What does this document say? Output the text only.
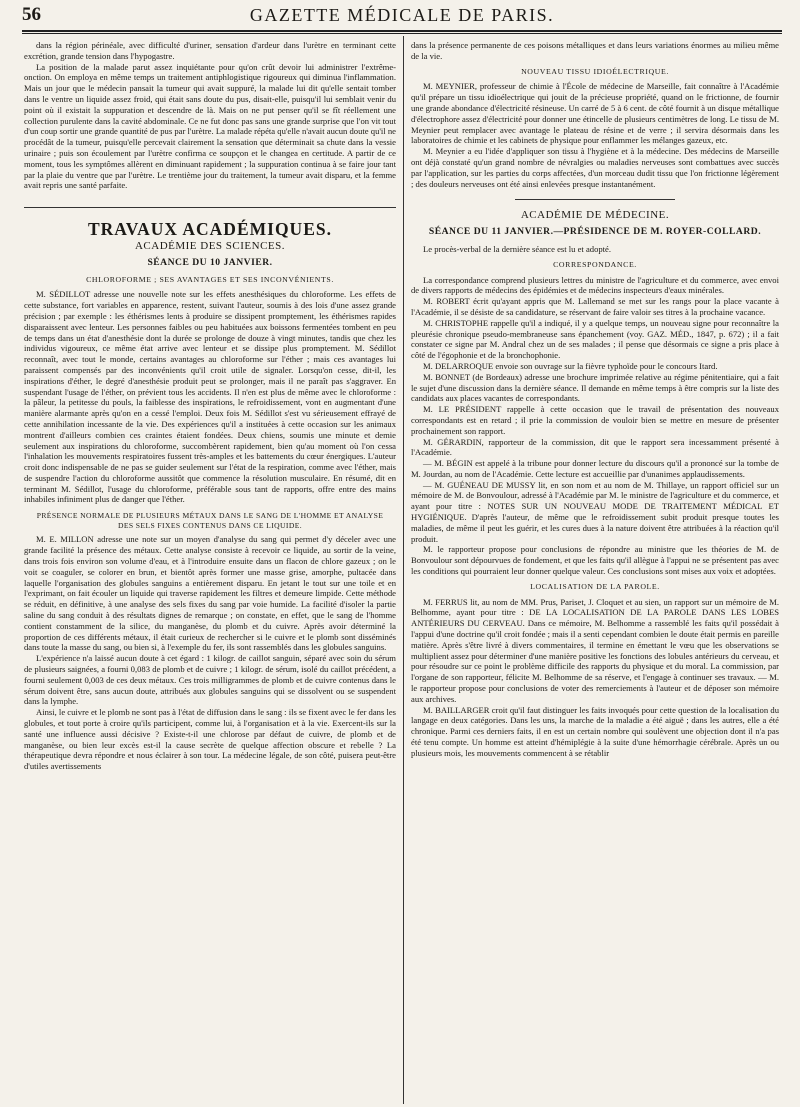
56	GAZETTE MÉDICALE DE PARIS.

dans la région périnéale, avec difficulté d'uriner, sensation d'ardeur dans l'urètre en terminant cette excrétion, grande tension dans l'hypogastre.

La position de la malade parut assez inquiétante pour qu'on crût devoir lui administrer l'extrême-onction. On employa en même temps un traitement antiphlogistique rigoureux qui diminua l'inflammation. Mais un jour que le médecin pansait la tumeur qui avait suppuré, la malade lui dit qu'elle sentait tomber dans le ventre un liquide assez froid, qui était sans doute du pus, disait-elle, puisqu'il lui semblait venir du point où il existait la suppuration et descendre de là. Mais on ne put penser qu'il se fît réellement une collection purulente dans la cavité abdominale. Ce ne fut donc pas sans une grande surprise que l'on vit tout d'un coup sortir une grande quantité de pus par l'urètre. La malade répéta qu'elle n'avait aucun doute qu'il ne procédât de la tumeur, puisqu'elle percevait clairement la sensation que déterminait sa chute dans la vessie urinaire ; puis son écoulement par l'urètre confirma ce soupçon et le changea en certitude. A partir de ce moment, tous les symptômes allèrent en diminuant rapidement ; la suppuration continua à se faire jour tant par la plaie du ventre que par l'urètre. Le trentième jour du traitement, la tumeur avait disparu, et la femme avait repris une santé parfaite.

TRAVAUX ACADÉMIQUES.
ACADÉMIE DES SCIENCES.
SÉANCE DU 10 JANVIER.
CHLOROFORME ; SES AVANTAGES ET SES INCONVÉNIENTS.

M. SÉDILLOT adresse une nouvelle note sur les effets anesthésiques du chloroforme. Les effets de cette substance, fort variables en apparence, restent, suivant l'auteur, soumis à des lois d'une assez grande précision ; par exemple : les éthérismes lents à produire se dissipent promptement, les éthérismes rapides disparaissent avec lenteur. Les personnes faibles ou peu habituées aux boissons fermentées tombent en peu de temps dans un état d'anesthésie dont la durée se prolonge de douze à vingt minutes, tandis que chez les individus vigoureux, ce même état arrive avec lenteur et se dissipe plus promptement. M. Sédillot reconnaît, avec tout le monde, certains avantages au chloroforme sur l'éther ; mais ces avantages lui paraissent compensés par des inconvénients qu'il croit utile de signaler. Lorsqu'on cesse, dit-il, les inspirations d'éther, le degré d'anesthésie produit peut se prolonger, mais il ne paraît pas s'aggraver. En suspendant l'usage de l'éther, on prévient tous les accidents. Il n'en est plus de même avec le chloroforme : la pâleur, la petitesse du pouls, la faiblesse des inspirations, le refroidissement, vont en augmentant d'une manière alarmante après qu'on en a cessé l'emploi. Deux fois M. Sédillot s'est vu sérieusement effrayé de cette annihilation incessante de la vie. Des expériences qu'il a instituées à cette occasion sur les animaux montrent d'ailleurs combien ces craintes étaient fondées. Deux chiens, soumis une minute et demie seulement aux inspirations du chloroforme, succombèrent rapidement, bien qu'au moment où l'on cessa l'inhalation les mouvements respiratoires fussent très-amples et les battements du cœur énergiques. L'auteur croit donc indispensable de ne pas se guider seulement sur l'état de la respiration, comme avec l'éther, mais de suspendre l'action du chloroforme aussitôt que commence la résolution musculaire. En résumé, dit en terminant M. Sédillot, l'usage du chloroforme, préférable sous tant de rapports, offre entre des mains inhabiles infiniment plus de danger que l'éther.

PRÉSENCE NORMALE DE PLUSIEURS MÉTAUX DANS LE SANG DE L'HOMME ET ANALYSE
DES SELS FIXES CONTENUS DANS CE LIQUIDE.

M. E. MILLON adresse une note sur un moyen d'analyse du sang qui permet d'y déceler avec une grande facilité la présence des métaux. Cette analyse consiste à recevoir ce liquide, au sortir de la veine, dans trois fois environ son volume d'eau, et à l'introduire ensuite dans un flacon de chlore gazeux ; on le voit se coaguler, se colorer en brun, et bientôt après former une masse grise, amorphe, pultacée dans laquelle l'organisation des globules sanguins a entièrement disparu. En jetant le tout sur une toile et en l'exprimant, on fait écouler un liquide qui traverse rapidement les filtres et demeure limpide. Cette méthode se réduit, en définitive, à une analyse des sels fixes du sang par voie humide. La facilité d'isoler la partie saline du sang conduit à des résultats dignes de remarque ; on constate, en effet, que le sang de l'homme contient constamment de la silice, du manganèse, du plomb et du cuivre. Après avoir déterminé la proportion de ces différents métaux, il était curieux de rechercher si le cuivre et le plomb sont disséminés dans toute la masse du sang, ou bien si, à l'exemple du fer, ils sont rassemblés dans les globules sanguins.

L'expérience n'a laissé aucun doute à cet égard : 1 kilogr. de caillot sanguin, séparé avec soin du sérum de plusieurs saignées, a fourni 0,083 de plomb et de cuivre ; 1 kilogr. de sérum, isolé du caillot précédent, a fourni seulement 0,003 de ces deux métaux. Ces trois milligrammes de plomb et de cuivre contenus dans le sérum doivent être, sans aucun doute, attribués aux globules sanguins qui se dissolvent ou se suspendent dans la lymphe.

Ainsi, le cuivre et le plomb ne sont pas à l'état de diffusion dans le sang : ils se fixent avec le fer dans les globules, et tout porte à croire qu'ils participent, comme lui, à l'organisation et à la vie. Exercent-ils sur la santé une influence aussi décisive ? Existe-t-il une chlorose par défaut de cuivre, de plomb et de manganèse, ou bien leur excès est-il la cause secrète de quelque affection obscure et rebelle ? La thérapeutique devra répondre et nous éclairer à son tour. La médecine légale, de son côté, puisera peut-être d'utiles avertissements

dans la présence permanente de ces poisons métalliques et dans leurs variations énormes au milieu même de la vie.

NOUVEAU TISSU IDIOÉLECTRIQUE.

M. MEYNIER, professeur de chimie à l'École de médecine de Marseille, fait connaître à l'Académie qu'il prépare un tissu idioélectrique qui jouit de la précieuse propriété, quand on le frictionne, de fournir une grande abondance d'électricité résineuse. Un carré de 5 à 6 cent. de côté fournit à un disque métallique d'électrophore assez d'électricité pour donner une étincelle de plusieurs centimètres de long. Le tissu de M. Meynier peut remplacer avec avantage le plateau de résine et de verre ; il servira désormais dans les laboratoires de chimie et les cabinets de physique pour enflammer les mélanges gazeux, etc.

M. Meynier a eu l'idée d'appliquer son tissu à l'hygiène et à la médecine. Des médecins de Marseille ont déjà constaté qu'un grand nombre de névralgies ou maladies nerveuses sont combattues avec succès par l'application, sur les parties du corps affectées, d'un morceau dudit tissu que l'on frictionne légèrement ; des douleurs nerveuses ont été ainsi enlevées presque instantanément.

ACADÉMIE DE MÉDECINE.
SÉANCE DU 11 JANVIER.—PRÉSIDENCE DE M. ROYER-COLLARD.

Le procès-verbal de la dernière séance est lu et adopté.

CORRESPONDANCE.

La correspondance comprend plusieurs lettres du ministre de l'agriculture et du commerce, avec envoi de divers rapports de médecins des épidémies et de médecins inspecteurs d'eaux minérales.

M. ROBERT écrit qu'ayant appris que M. Lallemand se met sur les rangs pour la place vacante à l'Académie, il se désiste de sa candidature, se réservant de faire valoir ses titres à la prochaine vacance.

M. CHRISTOPHE rappelle qu'il a indiqué, il y a quelque temps, un nouveau signe pour reconnaître la pleurésie chronique pseudo-membraneuse sans épanchement (voy. GAZ. MÉD., 1847, p. 672) ; il a fait constater ce signe par M. Andral chez un de ses malades ; il pense que désormais ce signe a pris place à côté de l'égophonie et de la bronchophonie.

M. DELARROQUE envoie son ouvrage sur la fièvre typhoïde pour le concours Itard.

M. BONNET (de Bordeaux) adresse une brochure imprimée relative au régime pénitentiaire, qui a fait le sujet d'une discussion dans la dernière séance. Il demande en même temps à être compris sur la liste des candidats aux places vacantes de correspondants.

M. LE PRÉSIDENT rappelle à cette occasion que le travail de présentation des nouveaux correspondants est en retard ; il prie la commission de vouloir bien se mettre en mesure de présenter prochainement son rapport.

M. GÉRARDIN, rapporteur de la commission, dit que le rapport sera incessamment présenté à l'Académie.

— M. BÉGIN est appelé à la tribune pour donner lecture du discours qu'il a prononcé sur la tombe de M. Jourdan, au nom de l'Académie. Cette lecture est accueillie par d'unanimes applaudissements.

— M. GUÉNEAU DE MUSSY lit, en son nom et au nom de M. Thillaye, un rapport officiel sur un mémoire de M. de Bonvoulour, adressé à l'Académie par M. le ministre de l'agriculture et du commerce, et ayant pour titre : NOTES SUR UN NOUVEAU MODE DE TRAITEMENT MÉDICAL ET HYGIÉNIQUE. D'après l'auteur, de même que le refroidissement subit produit presque toutes les maladies, de même il peut les guérir, et les cures dues à la nature doivent être attribuées à la réaction qu'il produit.

M. le rapporteur propose pour conclusions de répondre au ministre que les théories de M. de Bonvoulour sont dépourvues de fondement, et que les faits qu'il allègue à l'appui ne se présentent pas avec les conditions qui pourraient leur donner quelque valeur. Ces conclusions sont mises aux voix et adoptées.

LOCALISATION DE LA PAROLE.

M. FERRUS lit, au nom de MM. Prus, Pariset, J. Cloquet et au sien, un rapport sur un mémoire de M. Belhomme, ayant pour titre : DE LA LOCALISATION DE LA PAROLE DANS LES LOBES ANTÉRIEURS DU CERVEAU. Dans ce mémoire, M. Belhomme a rassemblé les faits qu'il possédait à l'appui d'une doctrine qu'il croit fondée ; mais il a senti cependant combien le doute était permis en pareille matière. Après s'être livré à divers commentaires, il termine en émettant le vœu que les observations se multiplient assez pour déterminer d'une manière positive les fonctions des lobules antérieurs du cerveau, et pour résoudre sur ce point le problème difficile des rapports du physique et du moral. La commission, par l'organe de son rapporteur, félicite M. Belhomme de sa réserve, et l'engage à continuer ses travaux. — M. le rapporteur propose pour conclusions de voter des remerciements à l'auteur et de déposer son mémoire aux archives.

M. BAILLARGER croit qu'il faut distinguer les faits invoqués pour cette question de la localisation du langage en deux catégories. Dans les uns, la marche de la maladie a été aiguë ; dans les autres, elle a été chronique. Parmi ces derniers faits, il en est un certain nombre qui soulèvent une objection dont il n'a pas été tenu compte. Un homme est atteint d'hémiplégie à la suite d'une hémorrhagie cérébrale. Après un ou plusieurs mois, les mouvements commencent à se rétablir
